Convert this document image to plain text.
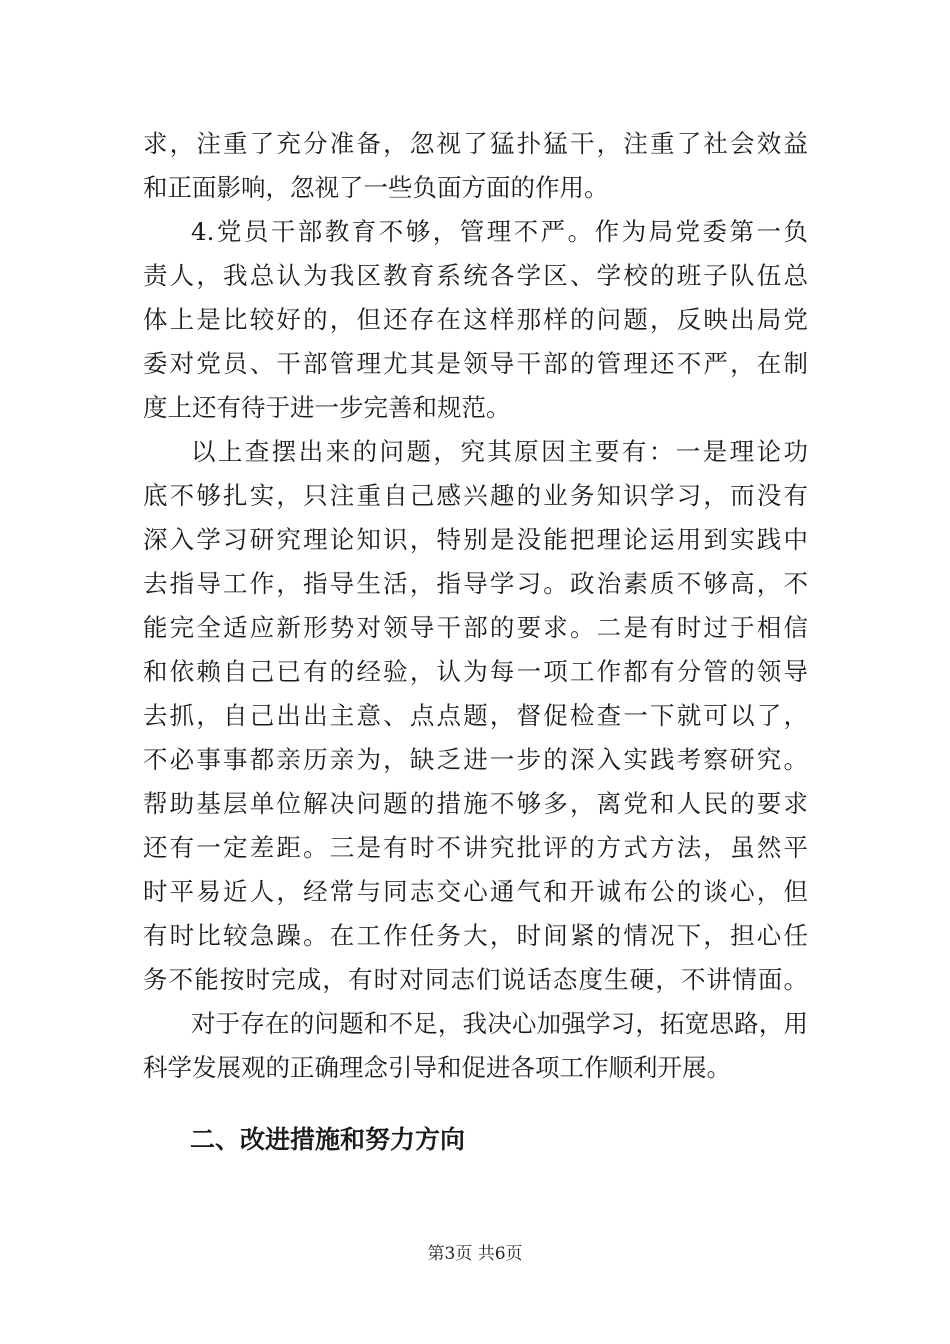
求，注重了充分准备，忽视了猛扑猛干，注重了社会效益
和正面影响，忽视了一些负面方面的作用。
4.党员干部教育不够，管理不严。作为局党委第一负
责人，我总认为我区教育系统各学区、学校的班子队伍总
体上是比较好的，但还存在这样那样的问题，反映出局党
委对党员、干部管理尤其是领导干部的管理还不严，在制
度上还有待于进一步完善和规范。
以上查摆出来的问题，究其原因主要有：一是理论功
底不够扎实，只注重自己感兴趣的业务知识学习，而没有
深入学习研究理论知识，特别是没能把理论运用到实践中
去指导工作，指导生活，指导学习。政治素质不够高，不
能完全适应新形势对领导干部的要求。二是有时过于相信
和依赖自己已有的经验，认为每一项工作都有分管的领导
去抓，自己出出主意、点点题，督促检查一下就可以了，
不必事事都亲历亲为，缺乏进一步的深入实践考察研究。
帮助基层单位解决问题的措施不够多，离党和人民的要求
还有一定差距。三是有时不讲究批评的方式方法，虽然平
时平易近人，经常与同志交心通气和开诚布公的谈心，但
有时比较急躁。在工作任务大，时间紧的情况下，担心任
务不能按时完成，有时对同志们说话态度生硬，不讲情面。
对于存在的问题和不足，我决心加强学习，拓宽思路，用
科学发展观的正确理念引导和促进各项工作顺利开展。
二、改进措施和努力方向
第3页 共6页
